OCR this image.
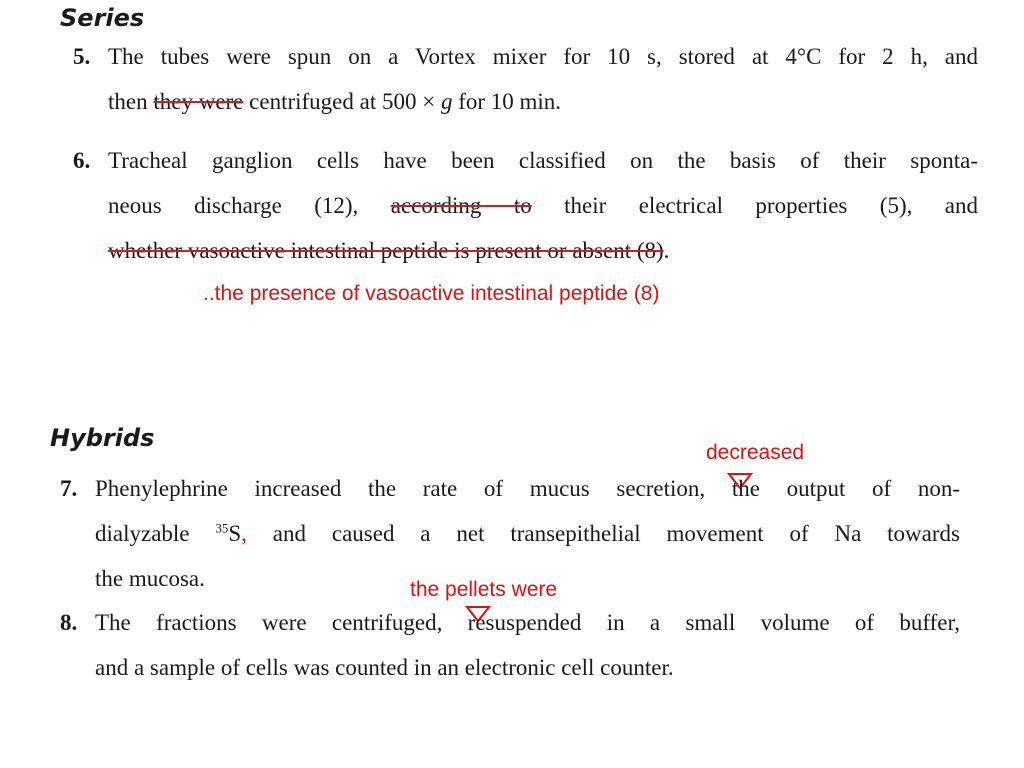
Series
5. The tubes were spun on a Vortex mixer for 10 s, stored at 4°C for 2 h, and
then they were centrifuged at 500 × g for 10 min.
6. Tracheal ganglion cells have been classified on the basis of their sponta-
neous discharge (12), according to their electrical properties (5), and
whether vasoactive intestinal peptide is present or absent (8).
..the presence of vasoactive intestinal peptide (8)
Hybrids
decreased
7. Phenylephrine increased the rate of mucus secretion, the output of non-
dialyzable $^{35}$S, and caused a net transepithelial movement of Na towards
the mucosa.	the pellets were
8. The fractions were centrifuged, resuspended in a small volume of buffer,
and a sample of cells was counted in an electronic cell counter.
